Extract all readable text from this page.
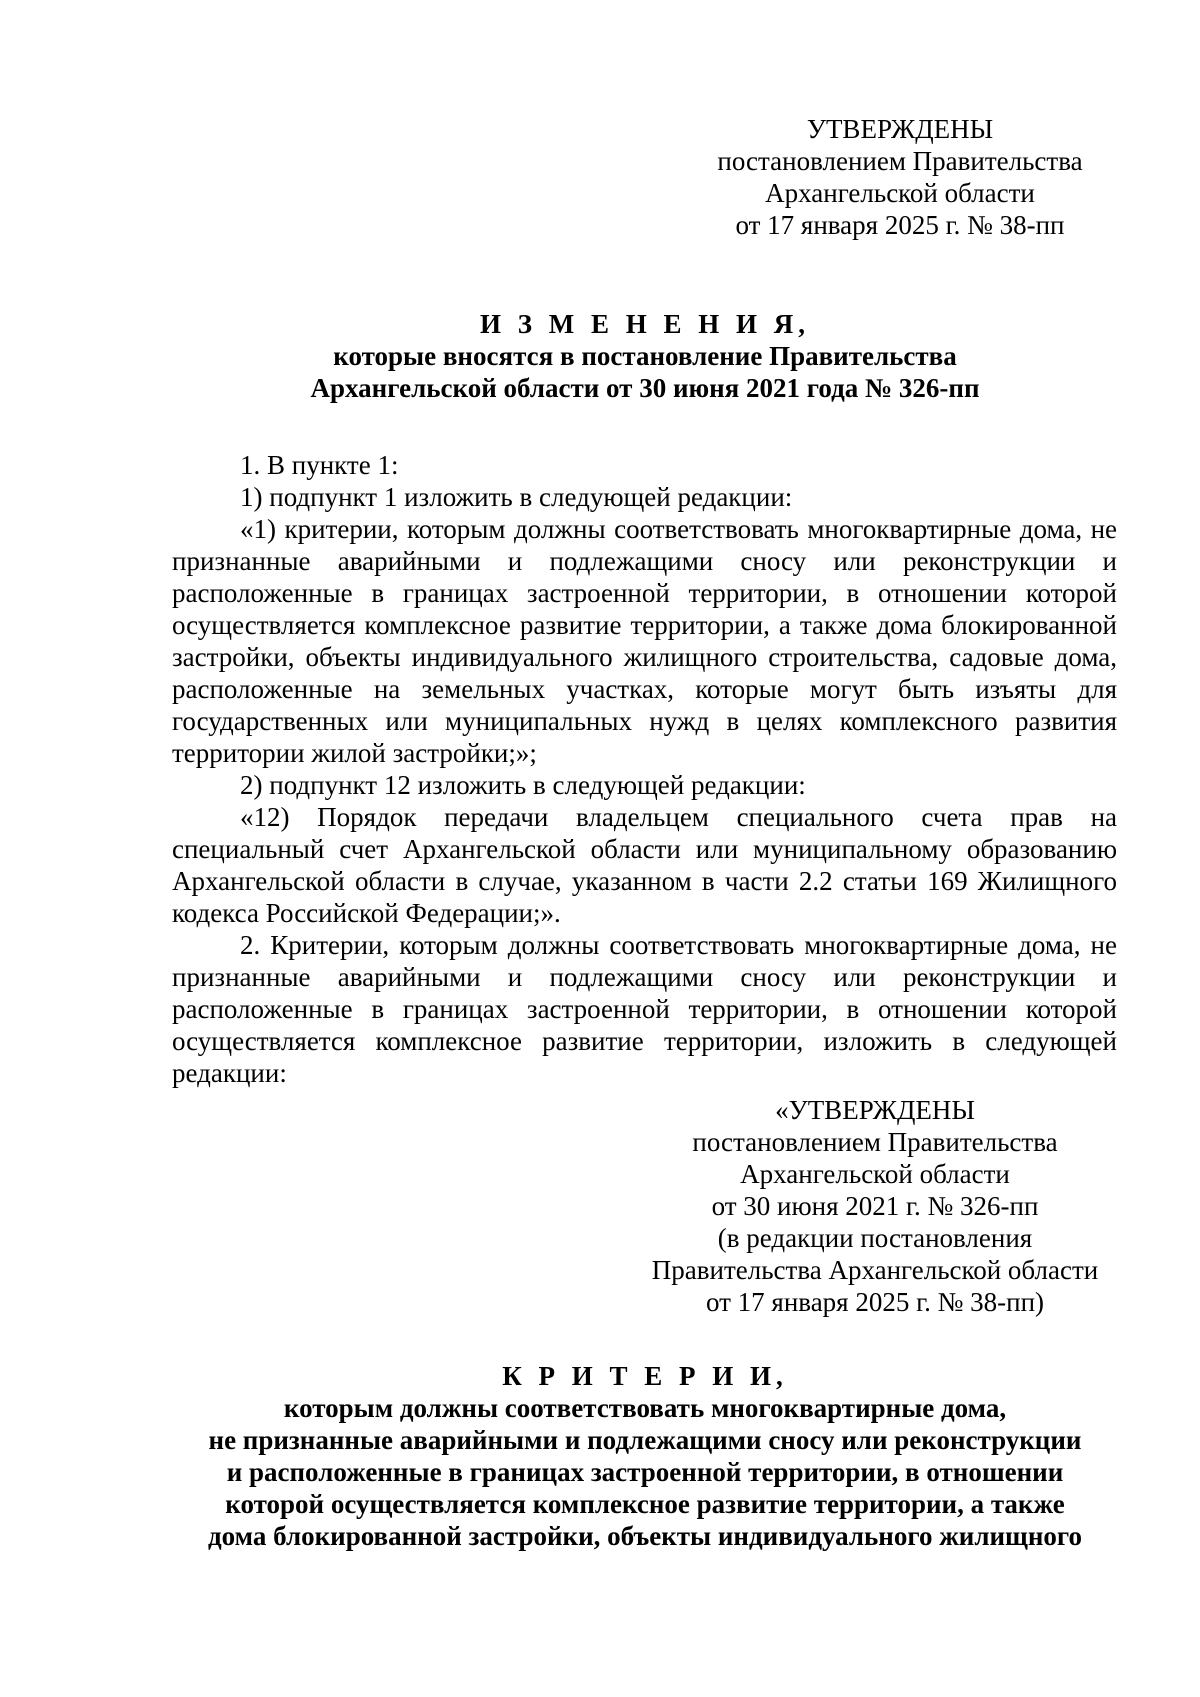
УТВЕРЖДЕНЫ
постановлением Правительства
Архангельской области
от 17 января 2025 г. № 38-пп
И З М Е Н Е Н И Я,
которые вносятся в постановление Правительства
Архангельской области от 30 июня 2021 года № 326-пп

1. В пункте 1:

1) подпункт 1 изложить в следующей редакции:

«1) критерии, которым должны соответствовать многоквартирные дома, не признанные аварийными и подлежащими сносу или реконструкции и расположенные в границах застроенной территории, в отношении которой осуществляется комплексное развитие территории, а также дома блокированной застройки, объекты индивидуального жилищного строительства, садовые дома, расположенные на земельных участках, которые могут быть изъяты для государственных или муниципальных нужд в целях комплексного развития территории жилой застройки;»;

2) подпункт 12 изложить в следующей редакции:

«12) Порядок передачи владельцем специального счета прав на специальный счет Архангельской области или муниципальному образованию Архангельской области в случае, указанном в части 2.2 статьи 169 Жилищного кодекса Российской Федерации;».

2. Критерии, которым должны соответствовать многоквартирные дома, не признанные аварийными и подлежащими сносу или реконструкции и расположенные в границах застроенной территории, в отношении которой осуществляется комплексное развитие территории, изложить в следующей редакции:

«УТВЕРЖДЕНЫ
постановлением Правительства
Архангельской области
от 30 июня 2021 г. № 326-пп
(в редакции постановления
Правительства Архангельской области
от 17 января 2025 г. № 38-пп)
К Р И Т Е Р И И,
которым должны соответствовать многоквартирные дома,
не признанные аварийными и подлежащими сносу или реконструкции
и расположенные в границах застроенной территории, в отношении
которой осуществляется комплексное развитие территории, а также
дома блокированной застройки, объекты индивидуального жилищного
